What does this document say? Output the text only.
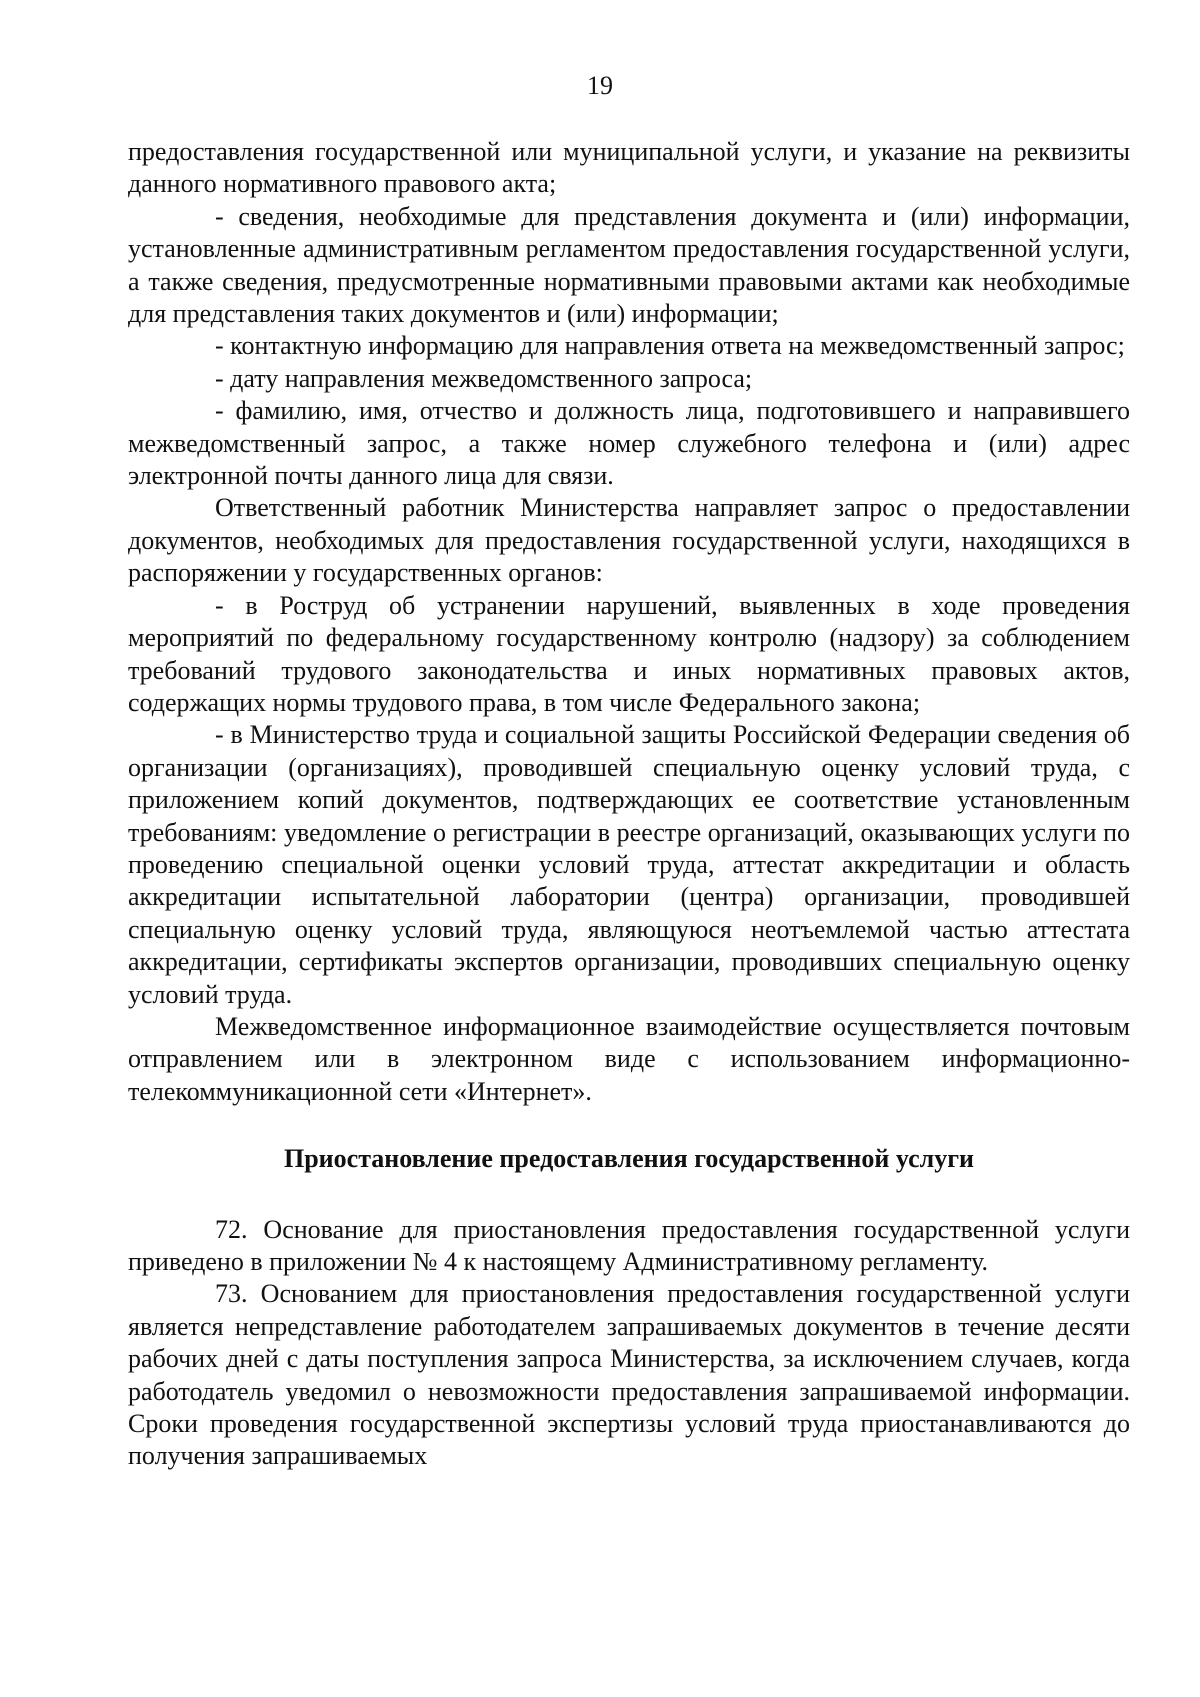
19

предоставления государственной или муниципальной услуги, и указание на реквизиты данного нормативного правового акта;

- сведения, необходимые для представления документа и (или) информации, установленные административным регламентом предоставления государственной услуги, а также сведения, предусмотренные нормативными правовыми актами как необходимые для представления таких документов и (или) информации;

- контактную информацию для направления ответа на межведомственный запрос;

- дату направления межведомственного запроса;

- фамилию, имя, отчество и должность лица, подготовившего и направившего межведомственный запрос, а также номер служебного телефона и (или) адрес электронной почты данного лица для связи.

Ответственный работник Министерства направляет запрос о предоставлении документов, необходимых для предоставления государственной услуги, находящихся в распоряжении у государственных органов:

- в Роструд об устранении нарушений, выявленных в ходе проведения мероприятий по федеральному государственному контролю (надзору) за соблюдением требований трудового законодательства и иных нормативных правовых актов, содержащих нормы трудового права, в том числе Федерального закона;

- в Министерство труда и социальной защиты Российской Федерации сведения об организации (организациях), проводившей специальную оценку условий труда, с приложением копий документов, подтверждающих ее соответствие установленным требованиям: уведомление о регистрации в реестре организаций, оказывающих услуги по проведению специальной оценки условий труда, аттестат аккредитации и область аккредитации испытательной лаборатории (центра) организации, проводившей специальную оценку условий труда, являющуюся неотъемлемой частью аттестата аккредитации, сертификаты экспертов организации, проводивших специальную оценку условий труда.

Межведомственное информационное взаимодействие осуществляется почтовым отправлением или в электронном виде с использованием информационно-телекоммуникационной сети «Интернет».

Приостановление предоставления государственной услуги

72. Основание для приостановления предоставления государственной услуги приведено в приложении № 4 к настоящему Административному регламенту.

73. Основанием для приостановления предоставления государственной услуги является непредставление работодателем запрашиваемых документов в течение десяти рабочих дней с даты поступления запроса Министерства, за исключением случаев, когда работодатель уведомил о невозможности предоставления запрашиваемой информации. Сроки проведения государственной экспертизы условий труда приостанавливаются до получения запрашиваемых
